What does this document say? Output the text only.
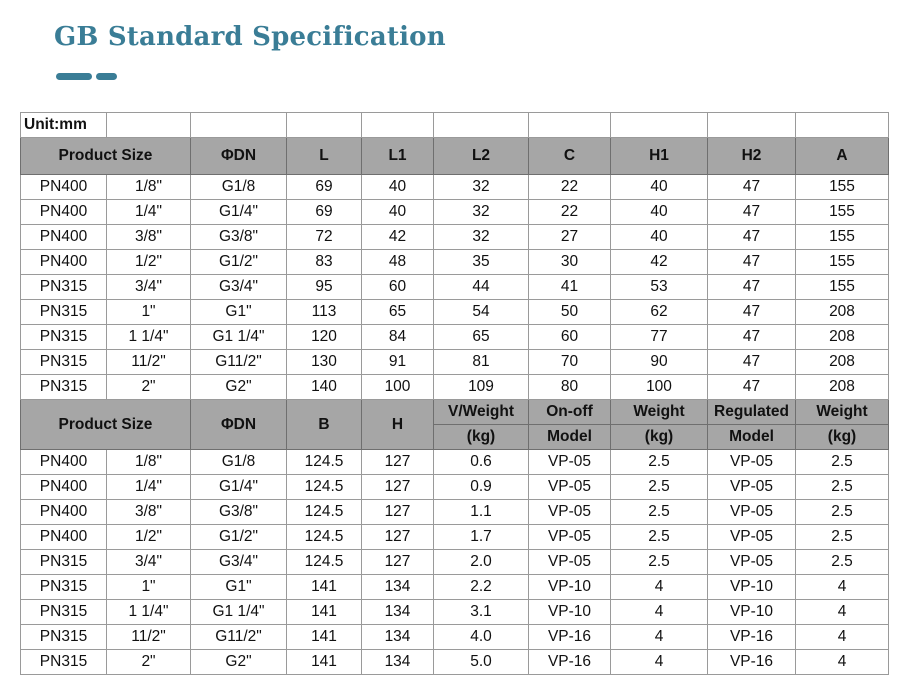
GB Standard Specification
Unit:mm									
Product Size		ΦDN	L	L1	L2	C	H1	H2	A
PN400	1/8"	G1/8	69	40	32	22	40	47	155
PN400	1/4"	G1/4"	69	40	32	22	40	47	155
PN400	3/8"	G3/8"	72	42	32	27	40	47	155
PN400	1/2"	G1/2"	83	48	35	30	42	47	155
PN315	3/4"	G3/4"	95	60	44	41	53	47	155
PN315	1"	G1"	113	65	54	50	62	47	208
PN315	1 1/4"	G1 1/4"	120	84	65	60	77	47	208
PN315	11/2"	G11/2"	130	91	81	70	90	47	208
PN315	2"	G2"	140	100	109	80	100	47	208
Product Size		ΦDN	B	H	V/Weight	On-off	Weight	Regulated	Weight
					(kg)	Model	(kg)	Model	(kg)
PN400	1/8"	G1/8	124.5	127	0.6	VP-05	2.5	VP-05	2.5
PN400	1/4"	G1/4"	124.5	127	0.9	VP-05	2.5	VP-05	2.5
PN400	3/8"	G3/8"	124.5	127	1.1	VP-05	2.5	VP-05	2.5
PN400	1/2"	G1/2"	124.5	127	1.7	VP-05	2.5	VP-05	2.5
PN315	3/4"	G3/4"	124.5	127	2.0	VP-05	2.5	VP-05	2.5
PN315	1"	G1"	141	134	2.2	VP-10	4	VP-10	4
PN315	1 1/4"	G1 1/4"	141	134	3.1	VP-10	4	VP-10	4
PN315	11/2"	G11/2"	141	134	4.0	VP-16	4	VP-16	4
PN315	2"	G2"	141	134	5.0	VP-16	4	VP-16	4
